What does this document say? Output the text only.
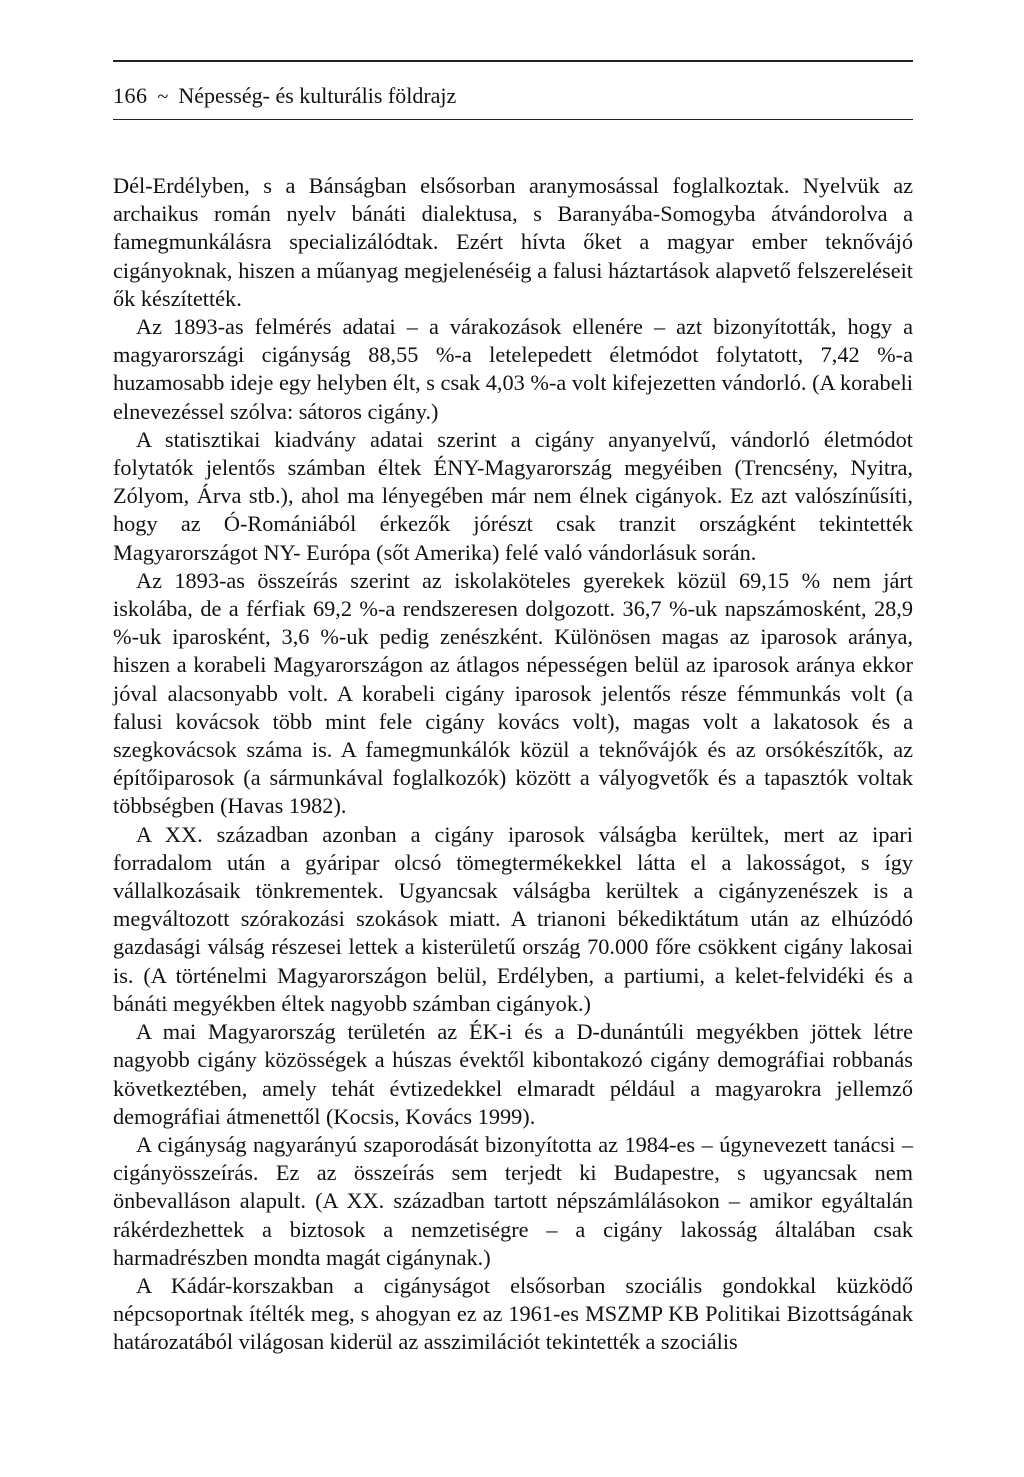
166 ~ Népesség- és kulturális földrajz

Dél-Erdélyben, s a Bánságban elsősorban aranymosással foglalkoztak. Nyelvük az archaikus román nyelv bánáti dialektusa, s Baranyába-Somogyba átvándorolva a famegmunkálásra specializálódtak. Ezért hívta őket a magyar ember teknővájó cigányoknak, hiszen a műanyag megjelenéséig a falusi háztartások alapvető felszereléseit ők készítették.

Az 1893-as felmérés adatai – a várakozások ellenére – azt bizonyították, hogy a magyarországi cigányság 88,55 %-a letelepedett életmódot folytatott, 7,42 %-a huzamosabb ideje egy helyben élt, s csak 4,03 %-a volt kifejezetten vándorló. (A korabeli elnevezéssel szólva: sátoros cigány.)

A statisztikai kiadvány adatai szerint a cigány anyanyelvű, vándorló életmódot folytatók jelentős számban éltek ÉNY-Magyarország megyéiben (Trencsény, Nyitra, Zólyom, Árva stb.), ahol ma lényegében már nem élnek cigányok. Ez azt valószínűsíti, hogy az Ó-Romániából érkezők jórészt csak tranzit országként tekintették Magyarországot NY- Európa (sőt Amerika) felé való vándorlásuk során.

Az 1893-as összeírás szerint az iskolaköteles gyerekek közül 69,15 % nem járt iskolába, de a férfiak 69,2 %-a rendszeresen dolgozott. 36,7 %-uk napszámosként, 28,9 %-uk iparosként, 3,6 %-uk pedig zenészként. Különösen magas az iparosok aránya, hiszen a korabeli Magyarországon az átlagos népességen belül az iparosok aránya ekkor jóval alacsonyabb volt. A korabeli cigány iparosok jelentős része fémmunkás volt (a falusi kovácsok több mint fele cigány kovács volt), magas volt a lakatosok és a szegkovácsok száma is. A famegmunkálók közül a teknővájók és az orsókészítők, az építőiparosok (a sármunkával foglalkozók) között a vályogvetők és a tapasztók voltak többségben (Havas 1982).

A XX. században azonban a cigány iparosok válságba kerültek, mert az ipari forradalom után a gyáripar olcsó tömegtermékekkel látta el a lakosságot, s így vállalkozásaik tönkrementek. Ugyancsak válságba kerültek a cigányzenészek is a megváltozott szórakozási szokások miatt. A trianoni békediktátum után az elhúzódó gazdasági válság részesei lettek a kisterületű ország 70.000 főre csökkent cigány lakosai is. (A történelmi Magyarországon belül, Erdélyben, a partiumi, a kelet-felvidéki és a bánáti megyékben éltek nagyobb számban cigányok.)

A mai Magyarország területén az ÉK-i és a D-dunántúli megyékben jöttek létre nagyobb cigány közösségek a húszas évektől kibontakozó cigány demográfiai robbanás következtében, amely tehát évtizedekkel elmaradt például a magyarokra jellemző demográfiai átmenettől (Kocsis, Kovács 1999).

A cigányság nagyarányú szaporodását bizonyította az 1984-es – úgynevezett tanácsi – cigányösszeírás. Ez az összeírás sem terjedt ki Budapestre, s ugyancsak nem önbevalláson alapult. (A XX. században tartott népszámlálásokon – amikor egyáltalán rákérdezhettek a biztosok a nemzetiségre – a cigány lakosság általában csak harmadrészben mondta magát cigánynak.)

A Kádár-korszakban a cigányságot elsősorban szociális gondokkal küzködő népcsoportnak ítélték meg, s ahogyan ez az 1961-es MSZMP KB Politikai Bizottságának határozatából világosan kiderül az asszimilációt tekintették a szociális
